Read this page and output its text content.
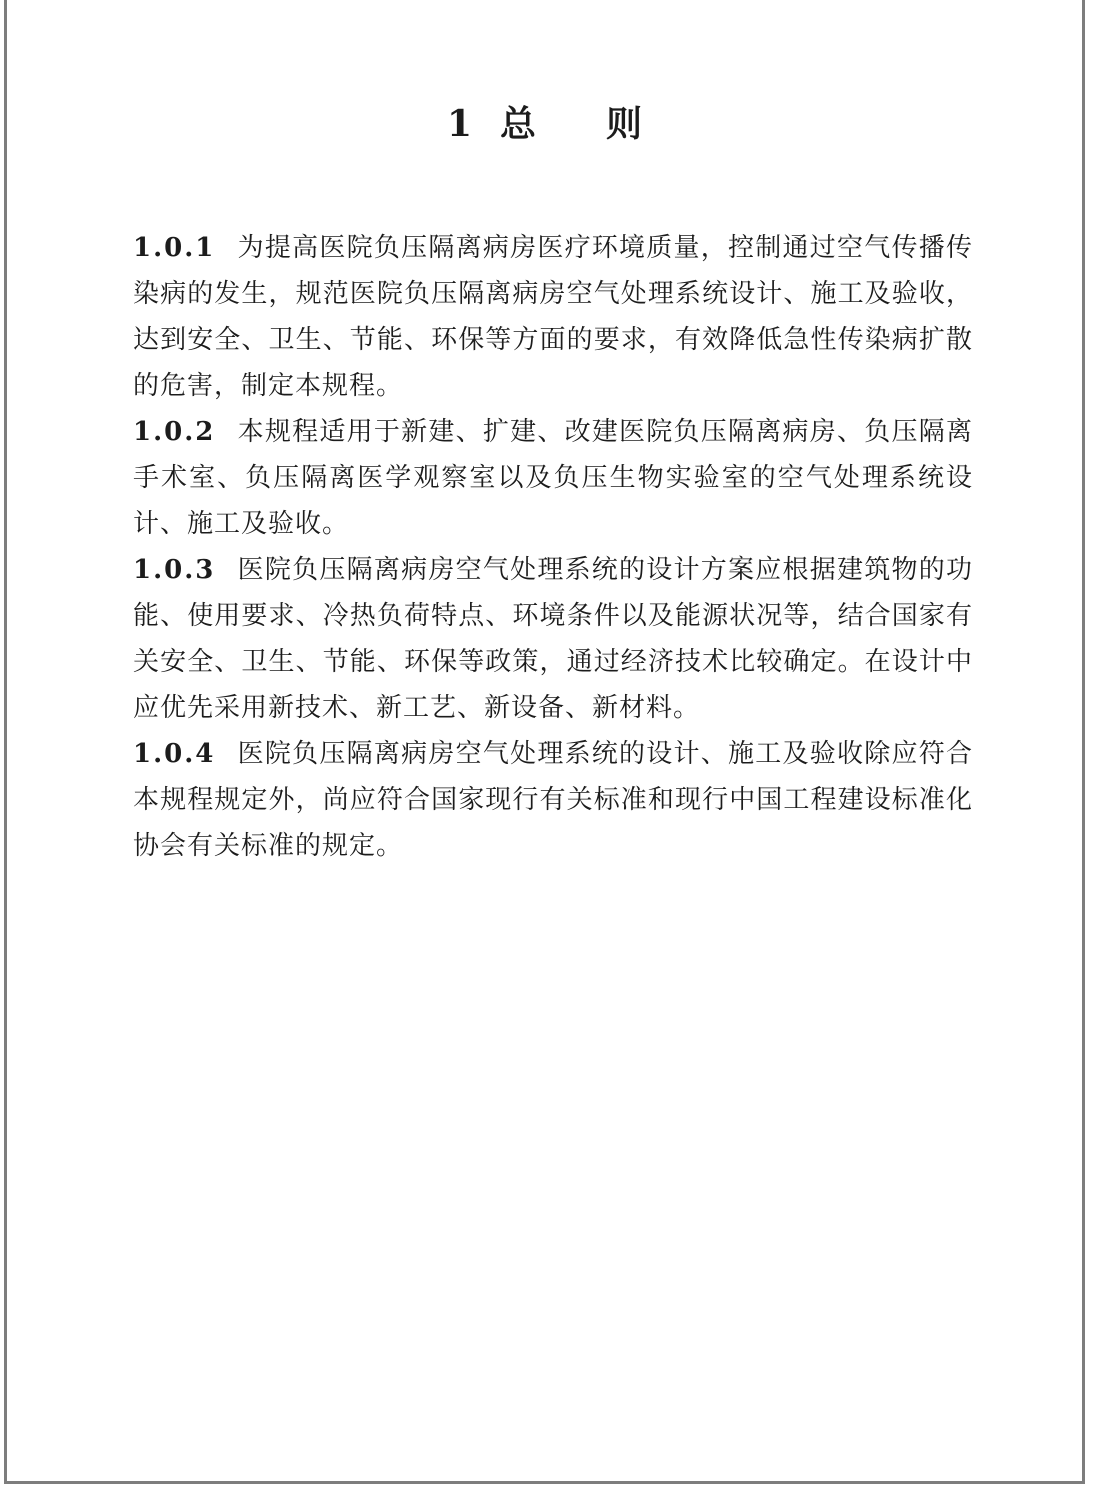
1 总则

1.0.1 为提高医院负压隔离病房医疗环境质量，控制通过空气传播传染病的发生，规范医院负压隔离病房空气处理系统设计、施工及验收，达到安全、卫生、节能、环保等方面的要求，有效降低急性传染病扩散的危害，制定本规程。

1.0.2 本规程适用于新建、扩建、改建医院负压隔离病房、负压隔离手术室、负压隔离医学观察室以及负压生物实验室的空气处理系统设计、施工及验收。

1.0.3 医院负压隔离病房空气处理系统的设计方案应根据建筑物的功能、使用要求、冷热负荷特点、环境条件以及能源状况等，结合国家有关安全、卫生、节能、环保等政策，通过经济技术比较确定。在设计中应优先采用新技术、新工艺、新设备、新材料。

1.0.4 医院负压隔离病房空气处理系统的设计、施工及验收除应符合本规程规定外，尚应符合国家现行有关标准和现行中国工程建设标准化协会有关标准的规定。
